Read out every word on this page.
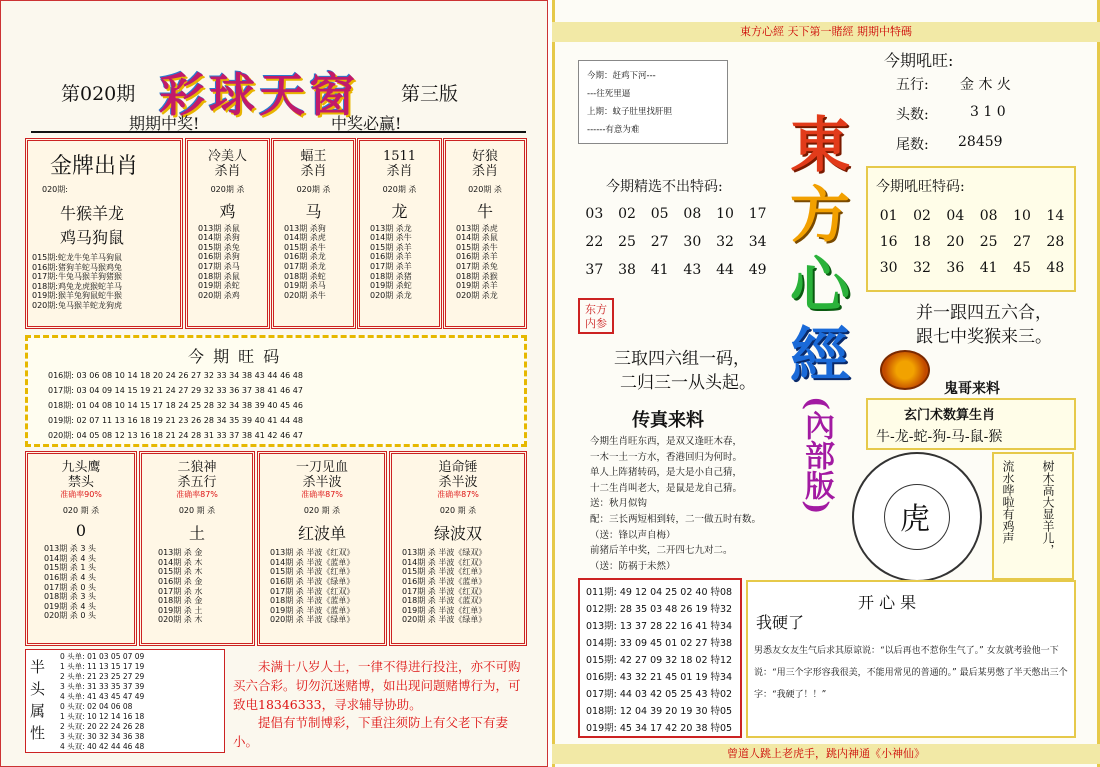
第020期 彩球天窗 第三版
期期中奖!	中奖必赢!
金牌出肖
020期:
牛猴羊龙
鸡马狗鼠
015期:蛇龙牛兔羊马狗鼠
016期:猪狗羊蛇马猴鸡兔
017期:牛兔马猴羊狗猪猴
018期:鸡兔龙虎猴蛇羊马
019期:猴羊兔狗鼠蛇牛猴
020期:兔马猴羊蛇龙狗虎
冷美人
杀肖
020期 杀
鸡
013期 杀鼠
014期 杀狗
015期 杀兔
016期 杀狗
017期 杀马
018期 杀鼠
019期 杀蛇
020期 杀鸡
蝠王
杀肖
020期 杀
马
013期 杀狗
014期 杀虎
015期 杀牛
016期 杀龙
017期 杀龙
018期 杀蛇
019期 杀马
020期 杀牛
1511
杀肖
020期 杀
龙
013期 杀龙
014期 杀牛
015期 杀羊
016期 杀羊
017期 杀羊
018期 杀猪
019期 杀蛇
020期 杀龙
好狼
杀肖
020期 杀
牛
013期 杀虎
014期 杀鼠
015期 杀牛
016期 杀羊
017期 杀兔
018期 杀猴
019期 杀羊
020期 杀龙
今 期 旺 码
016期: 03 06 08 10 14 18 20 24 26 27 32 33 34 38 43 44 46 48
017期: 03 04 09 14 15 19 21 24 27 29 32 33 36 37 38 41 46 47
018期: 01 04 08 10 14 15 17 18 24 25 28 32 34 38 39 40 45 46
019期: 02 07 11 13 16 18 19 21 23 26 28 34 35 39 40 41 44 48
020期: 04 05 08 12 13 16 18 21 24 28 31 33 37 38 41 42 46 47
九头鹰
禁头
准确率90%
020 期 杀
0
013期 杀 3 头
014期 杀 4 头
015期 杀 1 头
016期 杀 4 头
017期 杀 0 头
018期 杀 3 头
019期 杀 4 头
020期 杀 0 头
二狼神
杀五行
准确率87%
020 期 杀
土
013期 杀 金
014期 杀 木
015期 杀 木
016期 杀 金
017期 杀 水
018期 杀 金
019期 杀 土
020期 杀 木
一刀见血
杀半波
准确率87%
020 期 杀
红波单
013期 杀 半波《红双》
014期 杀 半波《蓝单》
015期 杀 半波《红单》
016期 杀 半波《绿单》
017期 杀 半波《红双》
018期 杀 半波《蓝单》
019期 杀 半波《蓝单》
020期 杀 半波《绿单》
追命锤
杀半波
准确率87%
020 期 杀
绿波双
013期 杀 半波《绿双》
014期 杀 半波《红双》
015期 杀 半波《红单》
016期 杀 半波《蓝单》
017期 杀 半波《红双》
018期 杀 半波《蓝双》
019期 杀 半波《红单》
020期 杀 半波《绿单》
半头属性
0 头单: 01 03 05 07 09
1 头单: 11 13 15 17 19
2 头单: 21 23 25 27 29
3 头单: 31 33 35 37 39
4 头单: 41 43 45 47 49
0 头双: 02 04 06 08
1 头双: 10 12 14 16 18
2 头双: 20 22 24 26 28
3 头双: 30 32 34 36 38
4 头双: 40 42 44 46 48
未满十八岁人士，一律不得进行投注，亦不可购买六合彩。切勿沉迷赌博，如出现问题赌博行为，可致电18346333，寻求辅导协助。
提倡有节制博彩，下重注须防上有父老下有妻小。
東方心經 天下第一賭經 期期中特碼
曾道人跳上老虎手，跳内神通《小神仙》
今期：赶鸡下河---
---往死里逼
上期：蚊子肚里找肝胆
------有意为难
今期吼旺:
五行: 金 木 火
头数:	3 1 0
尾数: 28459
今期精选不出特码:
03	02	05	08	10	17
22	25	27	30	32	34
37	38	41	43	44	49
今期吼旺特码:
01	02	04	08	10	14
16	18	20	25	27	28
30	32	36	41	45	48
東
方
心
經
(內部版)
东方内参
三取四六组一码，
二归三一从头起。
并一跟四五六合，
跟七中奖猴来三。
鬼哥来料
玄门术数算生肖
牛-龙-蛇-狗-马-鼠-猴
虎	树木高大显羊儿，
流水哗啦有鸡声
传真来料
今期生肖旺东西，是双又逢旺木春，
一木一土一方水，香港回归为何时。
单人上阵猪转码，是大是小自己猜，
十二生肖叫老大，是鼠是龙自己猜。
送：秋月似钩
配：三长两短相到转，二一做五时有数。
（送：锋以声自梅）
前猪后羊中奖，二开四七九对二。
（送：防祸于未然）
011期: 49 12 04 25 02 40 特08
012期: 28 35 03 48 26 19 特32
013期: 13 37 28 22 16 41 特34
014期: 33 09 45 01 02 27 特38
015期: 42 27 09 32 18 02 特12
016期: 43 32 21 45 01 19 特34
017期: 44 03 42 05 25 43 特02
018期: 12 04 39 20 19 30 特05
019期: 45 34 17 42 20 38 特05
开 心 果
我硬了
男悉友女友生气后求其原谅说：“以后再也不惹你生气了。” 女友就考验他一下说：“用三个字形容我很美，不能用常见的普通的。” 最后某男憋了半天憋出三个字：“我硬了！！”
